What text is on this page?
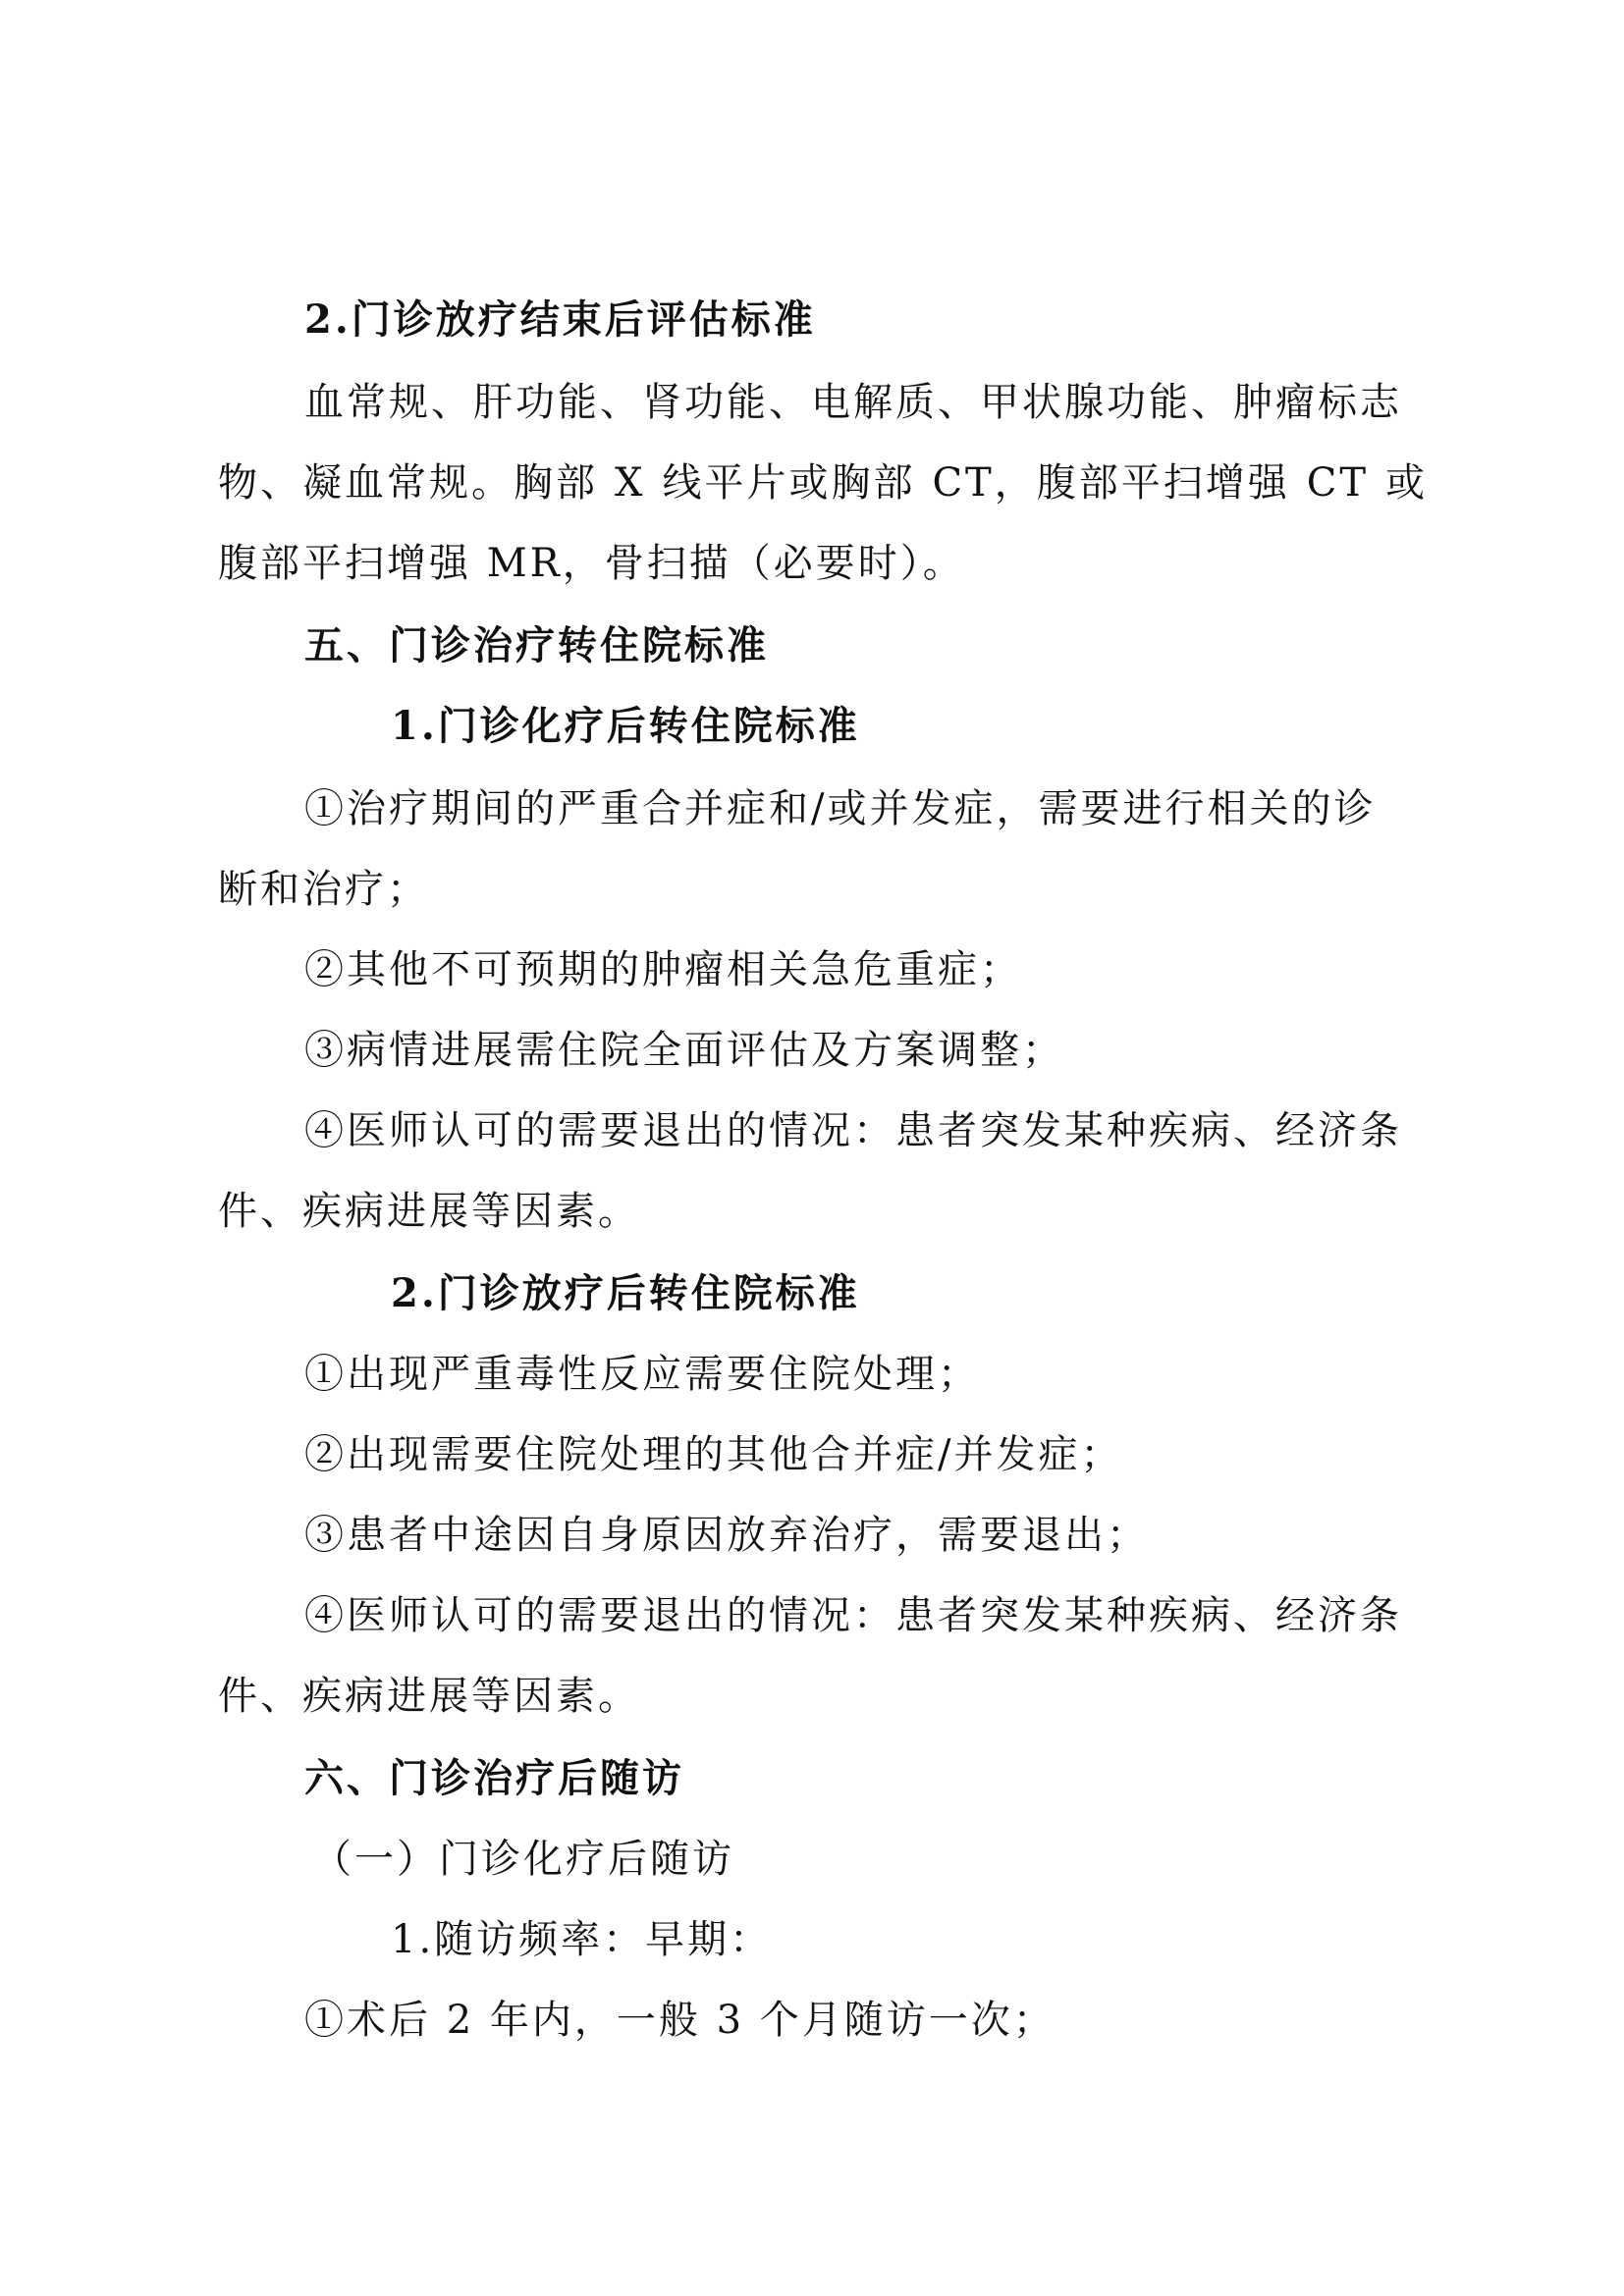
2.门诊放疗结束后评估标准
血常规、肝功能、肾功能、电解质、甲状腺功能、肿瘤标志
物、凝血常规。胸部 X 线平片或胸部 CT，腹部平扫增强 CT 或
腹部平扫增强 MR，骨扫描（必要时）。
五、门诊治疗转住院标准
1.门诊化疗后转住院标准
①治疗期间的严重合并症和/或并发症，需要进行相关的诊
断和治疗；
②其他不可预期的肿瘤相关急危重症；
③病情进展需住院全面评估及方案调整；
④医师认可的需要退出的情况：患者突发某种疾病、经济条
件、疾病进展等因素。
2.门诊放疗后转住院标准
①出现严重毒性反应需要住院处理；
②出现需要住院处理的其他合并症/并发症；
③患者中途因自身原因放弃治疗，需要退出；
④医师认可的需要退出的情况：患者突发某种疾病、经济条
件、疾病进展等因素。
六、门诊治疗后随访
（一）门诊化疗后随访
1.随访频率：早期：
①术后 2 年内，一般 3 个月随访一次；
